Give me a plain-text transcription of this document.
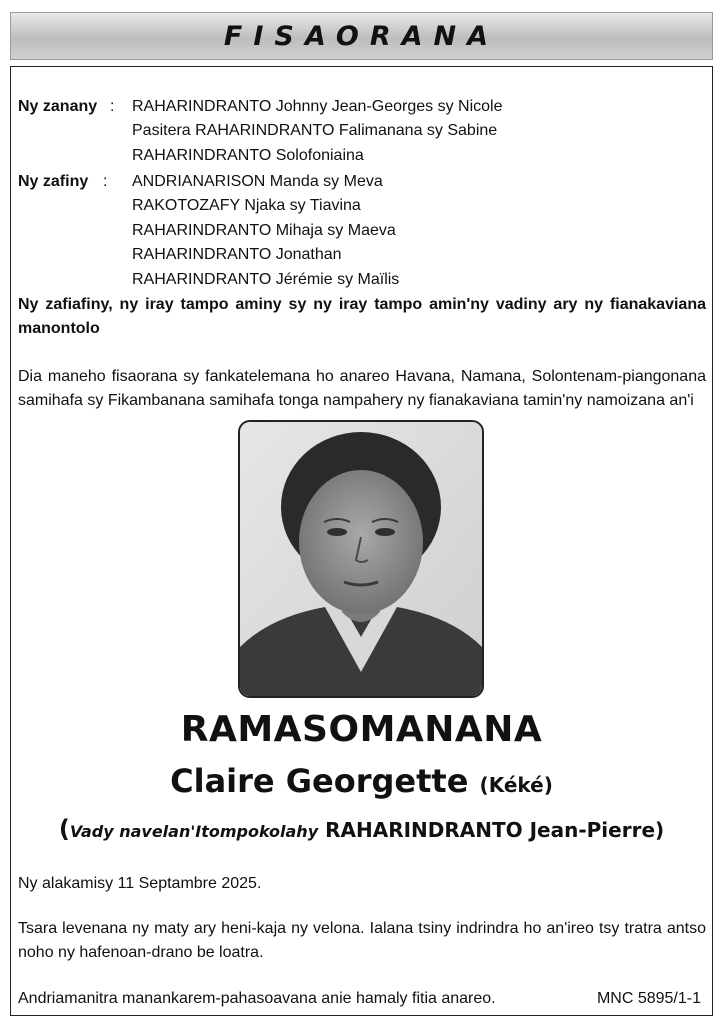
FISAORANA
Ny zanany : RAHARINDRANTO Johnny Jean-Georges sy Nicole
Pasitera RAHARINDRANTO Falimanana sy Sabine
RAHARINDRANTO Solofoniaina
Ny zafiny : ANDRIANARISON Manda sy Meva
RAKOTOZAFY Njaka sy Tiavina
RAHARINDRANTO Mihaja sy Maeva
RAHARINDRANTO Jonathan
RAHARINDRANTO Jérémie sy Maïlis
Ny zafiafiny, ny iray tampo aminy sy ny iray tampo amin'ny vadiny ary ny fianakaviana manontolo
Dia maneho fisaorana sy fankatelemana ho anareo Havana, Namana, Solontenam-piangonana samihafa sy Fikambanana samihafa tonga nampahery ny fianakaviana tamin'ny namoizana an'i
RAMASOMANANA
Claire Georgette (Kéké)
(Vady navelan'Itompokolahy RAHARINDRANTO Jean-Pierre)
Ny alakamisy 11 Septambre 2025.
Tsara levenana ny maty ary heni-kaja ny velona. Ialana tsiny indrindra ho an'ireo tsy tratra antso noho ny hafenoan-drano be loatra.
Andriamanitra manankarem-pahasoavana anie hamaly fitia anareo.	MNC 5895/1-1
